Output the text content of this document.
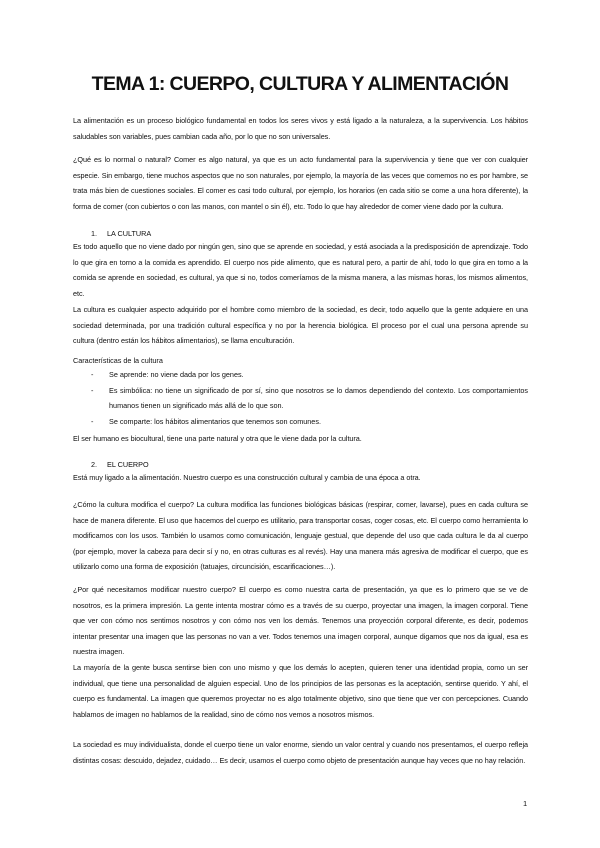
TEMA 1: CUERPO, CULTURA Y ALIMENTACIÓN

La alimentación es un proceso biológico fundamental en todos los seres vivos y está ligado a la naturaleza, a la supervivencia. Los hábitos saludables son variables, pues cambian cada año, por lo que no son universales.

¿Qué es lo normal o natural? Comer es algo natural, ya que es un acto fundamental para la supervivencia y tiene que ver con cualquier especie. Sin embargo, tiene muchos aspectos que no son naturales, por ejemplo, la mayoría de las veces que comemos no es por hambre, se trata más bien de cuestiones sociales. El comer es casi todo cultural, por ejemplo, los horarios (en cada sitio se come a una hora diferente), la forma de comer (con cubiertos o con las manos, con mantel o sin él), etc. Todo lo que hay alrededor de comer viene dado por la cultura.

1. LA CULTURA

Es todo aquello que no viene dado por ningún gen, sino que se aprende en sociedad, y está asociada a la predisposición de aprendizaje. Todo lo que gira en torno a la comida es aprendido. El cuerpo nos pide alimento, que es natural pero, a partir de ahí, todo lo que gira en torno a la comida se aprende en sociedad, es cultural, ya que si no, todos comeríamos de la misma manera, a las mismas horas, los mismos alimentos, etc.

La cultura es cualquier aspecto adquirido por el hombre como miembro de la sociedad, es decir, todo aquello que la gente adquiere en una sociedad determinada, por una tradición cultural específica y no por la herencia biológica. El proceso por el cual una persona aprende su cultura (dentro están los hábitos alimentarios), se llama enculturación.

Características de la cultura

- Se aprende: no viene dada por los genes.
- Es simbólica: no tiene un significado de por sí, sino que nosotros se lo damos dependiendo del contexto. Los comportamientos humanos tienen un significado más allá de lo que son.
- Se comparte: los hábitos alimentarios que tenemos son comunes.

El ser humano es biocultural, tiene una parte natural y otra que le viene dada por la cultura.

2. EL CUERPO

Está muy ligado a la alimentación. Nuestro cuerpo es una construcción cultural y cambia de una época a otra.

¿Cómo la cultura modifica el cuerpo? La cultura modifica las funciones biológicas básicas (respirar, comer, lavarse), pues en cada cultura se hace de manera diferente. El uso que hacemos del cuerpo es utilitario, para transportar cosas, coger cosas, etc. El cuerpo como herramienta lo modificamos con los usos. También lo usamos como comunicación, lenguaje gestual, que depende del uso que cada cultura le da al cuerpo (por ejemplo, mover la cabeza para decir sí y no, en otras culturas es al revés). Hay una manera más agresiva de modificar el cuerpo, que es utilizarlo como una forma de exposición (tatuajes, circuncisión, escarificaciones…).

¿Por qué necesitamos modificar nuestro cuerpo? El cuerpo es como nuestra carta de presentación, ya que es lo primero que se ve de nosotros, es la primera impresión. La gente intenta mostrar cómo es a través de su cuerpo, proyectar una imagen, la imagen corporal. Tiene que ver con cómo nos sentimos nosotros y con cómo nos ven los demás. Tenemos una proyección corporal diferente, es decir, podemos intentar presentar una imagen que las personas no van a ver. Todos tenemos una imagen corporal, aunque digamos que nos da igual, esa es nuestra imagen.

La mayoría de la gente busca sentirse bien con uno mismo y que los demás lo acepten, quieren tener una identidad propia, como un ser individual, que tiene una personalidad de alguien especial. Uno de los principios de las personas es la aceptación, sentirse querido. Y ahí, el cuerpo es fundamental. La imagen que queremos proyectar no es algo totalmente objetivo, sino que tiene que ver con percepciones. Cuando hablamos de imagen no hablamos de la realidad, sino de cómo nos vemos a nosotros mismos.

La sociedad es muy individualista, donde el cuerpo tiene un valor enorme, siendo un valor central y cuando nos presentamos, el cuerpo refleja distintas cosas: descuido, dejadez, cuidado… Es decir, usamos el cuerpo como objeto de presentación aunque hay veces que no hay relación.

1
